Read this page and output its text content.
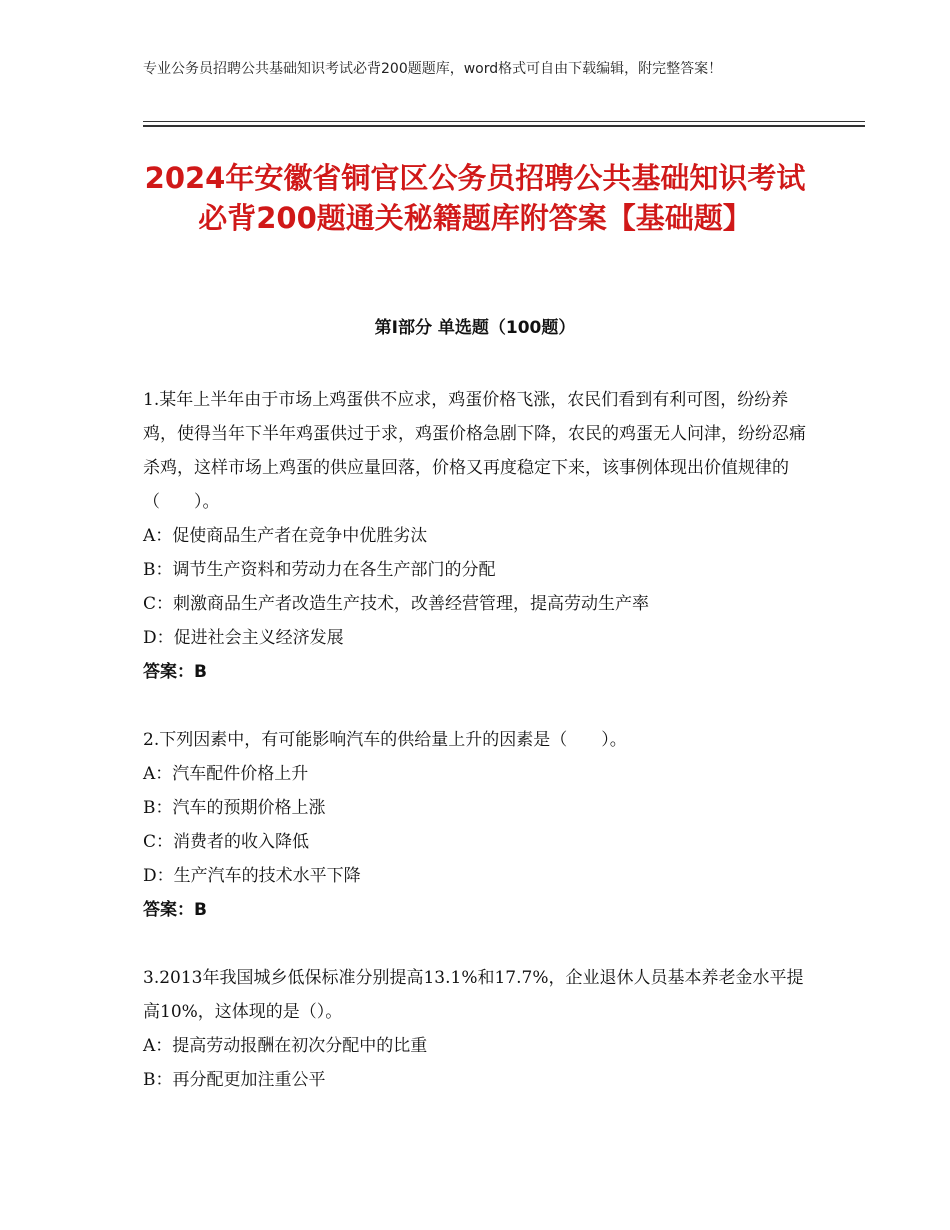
专业公务员招聘公共基础知识考试必背200题题库，word格式可自由下载编辑，附完整答案！
2024年安徽省铜官区公务员招聘公共基础知识考试必背200题通关秘籍题库附答案【基础题】
第Ⅰ部分 单选题（100题）

1.某年上半年由于市场上鸡蛋供不应求，鸡蛋价格飞涨，农民们看到有利可图，纷纷养鸡，使得当年下半年鸡蛋供过于求，鸡蛋价格急剧下降，农民的鸡蛋无人问津，纷纷忍痛杀鸡，这样市场上鸡蛋的供应量回落，价格又再度稳定下来，该事例体现出价值规律的（　　）。

A：促使商品生产者在竞争中优胜劣汰

B：调节生产资料和劳动力在各生产部门的分配

C：刺激商品生产者改造生产技术，改善经营管理，提高劳动生产率

D：促进社会主义经济发展

答案：B

2.下列因素中，有可能影响汽车的供给量上升的因素是（　　）。

A：汽车配件价格上升

B：汽车的预期价格上涨

C：消费者的收入降低

D：生产汽车的技术水平下降

答案：B

3.2013年我国城乡低保标准分别提高13.1%和17.7%，企业退休人员基本养老金水平提高10%，这体现的是（）。

A：提高劳动报酬在初次分配中的比重

B：再分配更加注重公平
